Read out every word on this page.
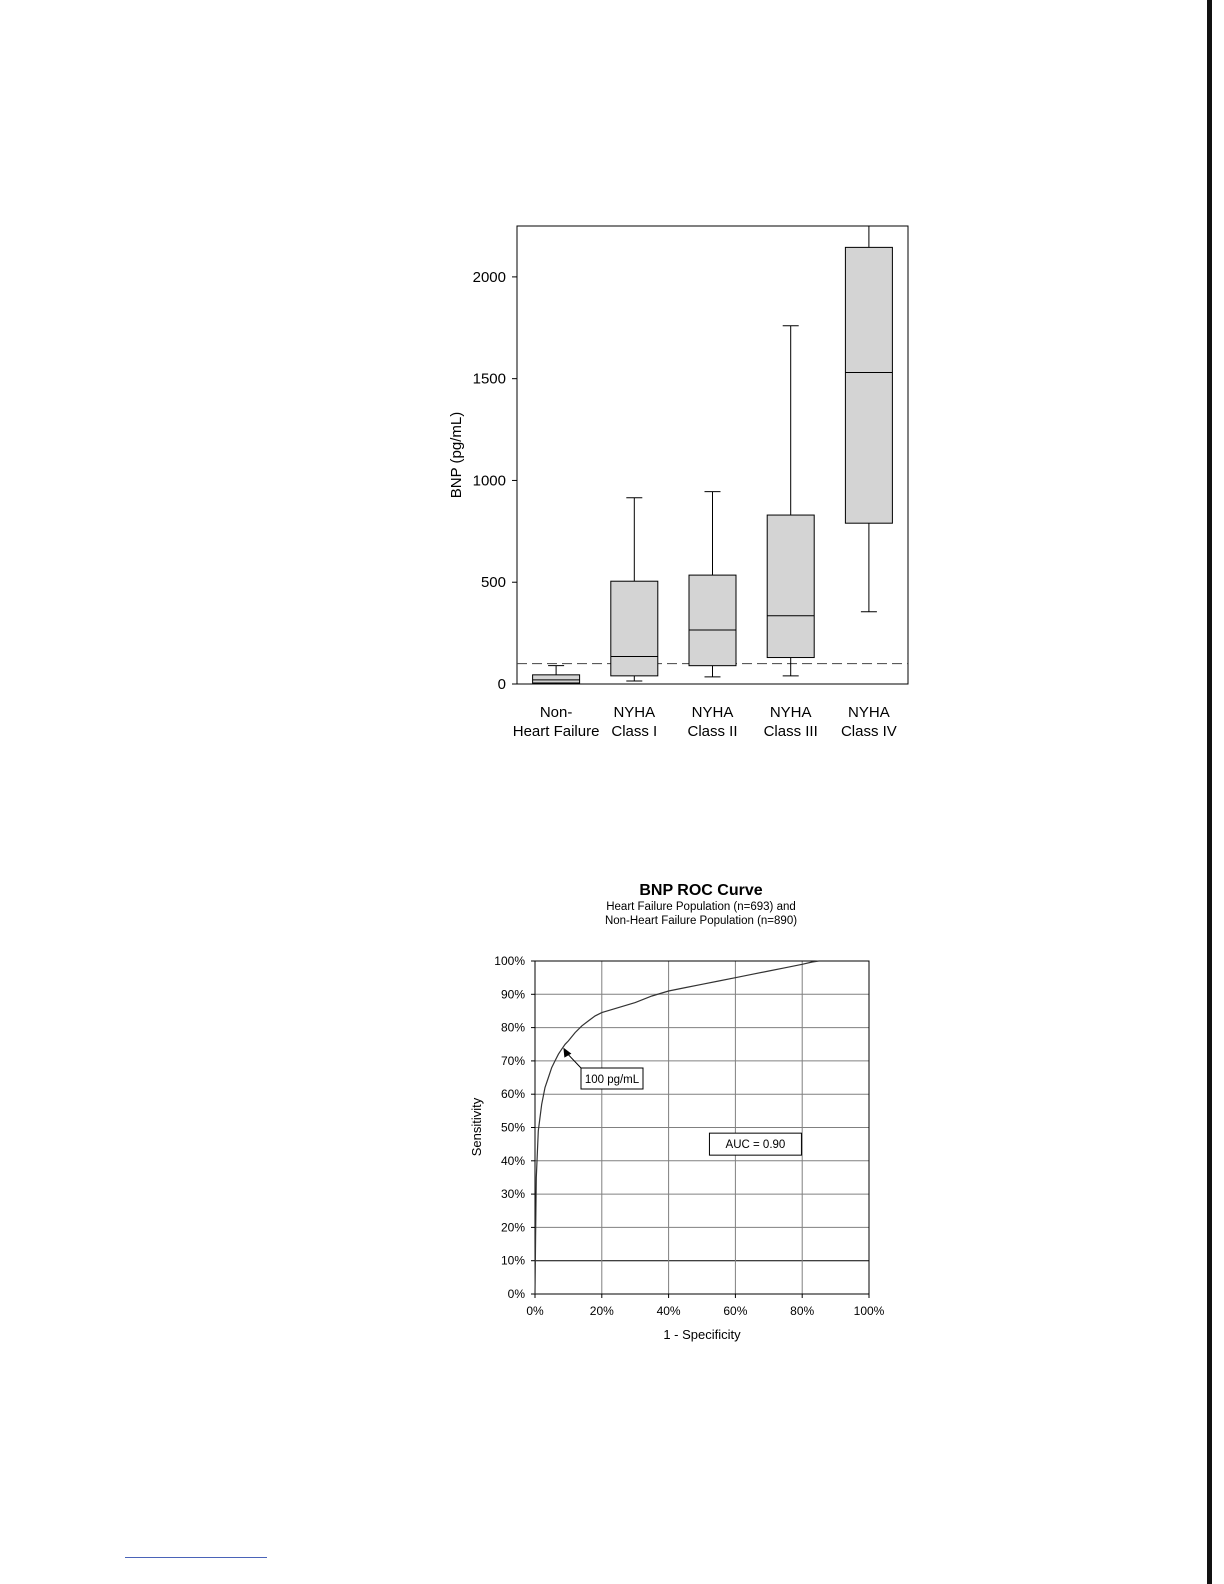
0
500
1000
1500
2000
Non-
Heart Failure
NYHA
Class I
NYHA
Class II
NYHA
Class III
NYHA
Class IV
BNP (pg/mL)
BNP ROC Curve
Heart Failure Population (n=693) and
Non-Heart Failure Population (n=890)
0%
10%
20%
30%
40%
50%
60%
70%
80%
90%
100%
0%	20%	40%	60%	80%	100%
100 pg/mL
AUC = 0.90
1 - Specificity
Sensitivity
